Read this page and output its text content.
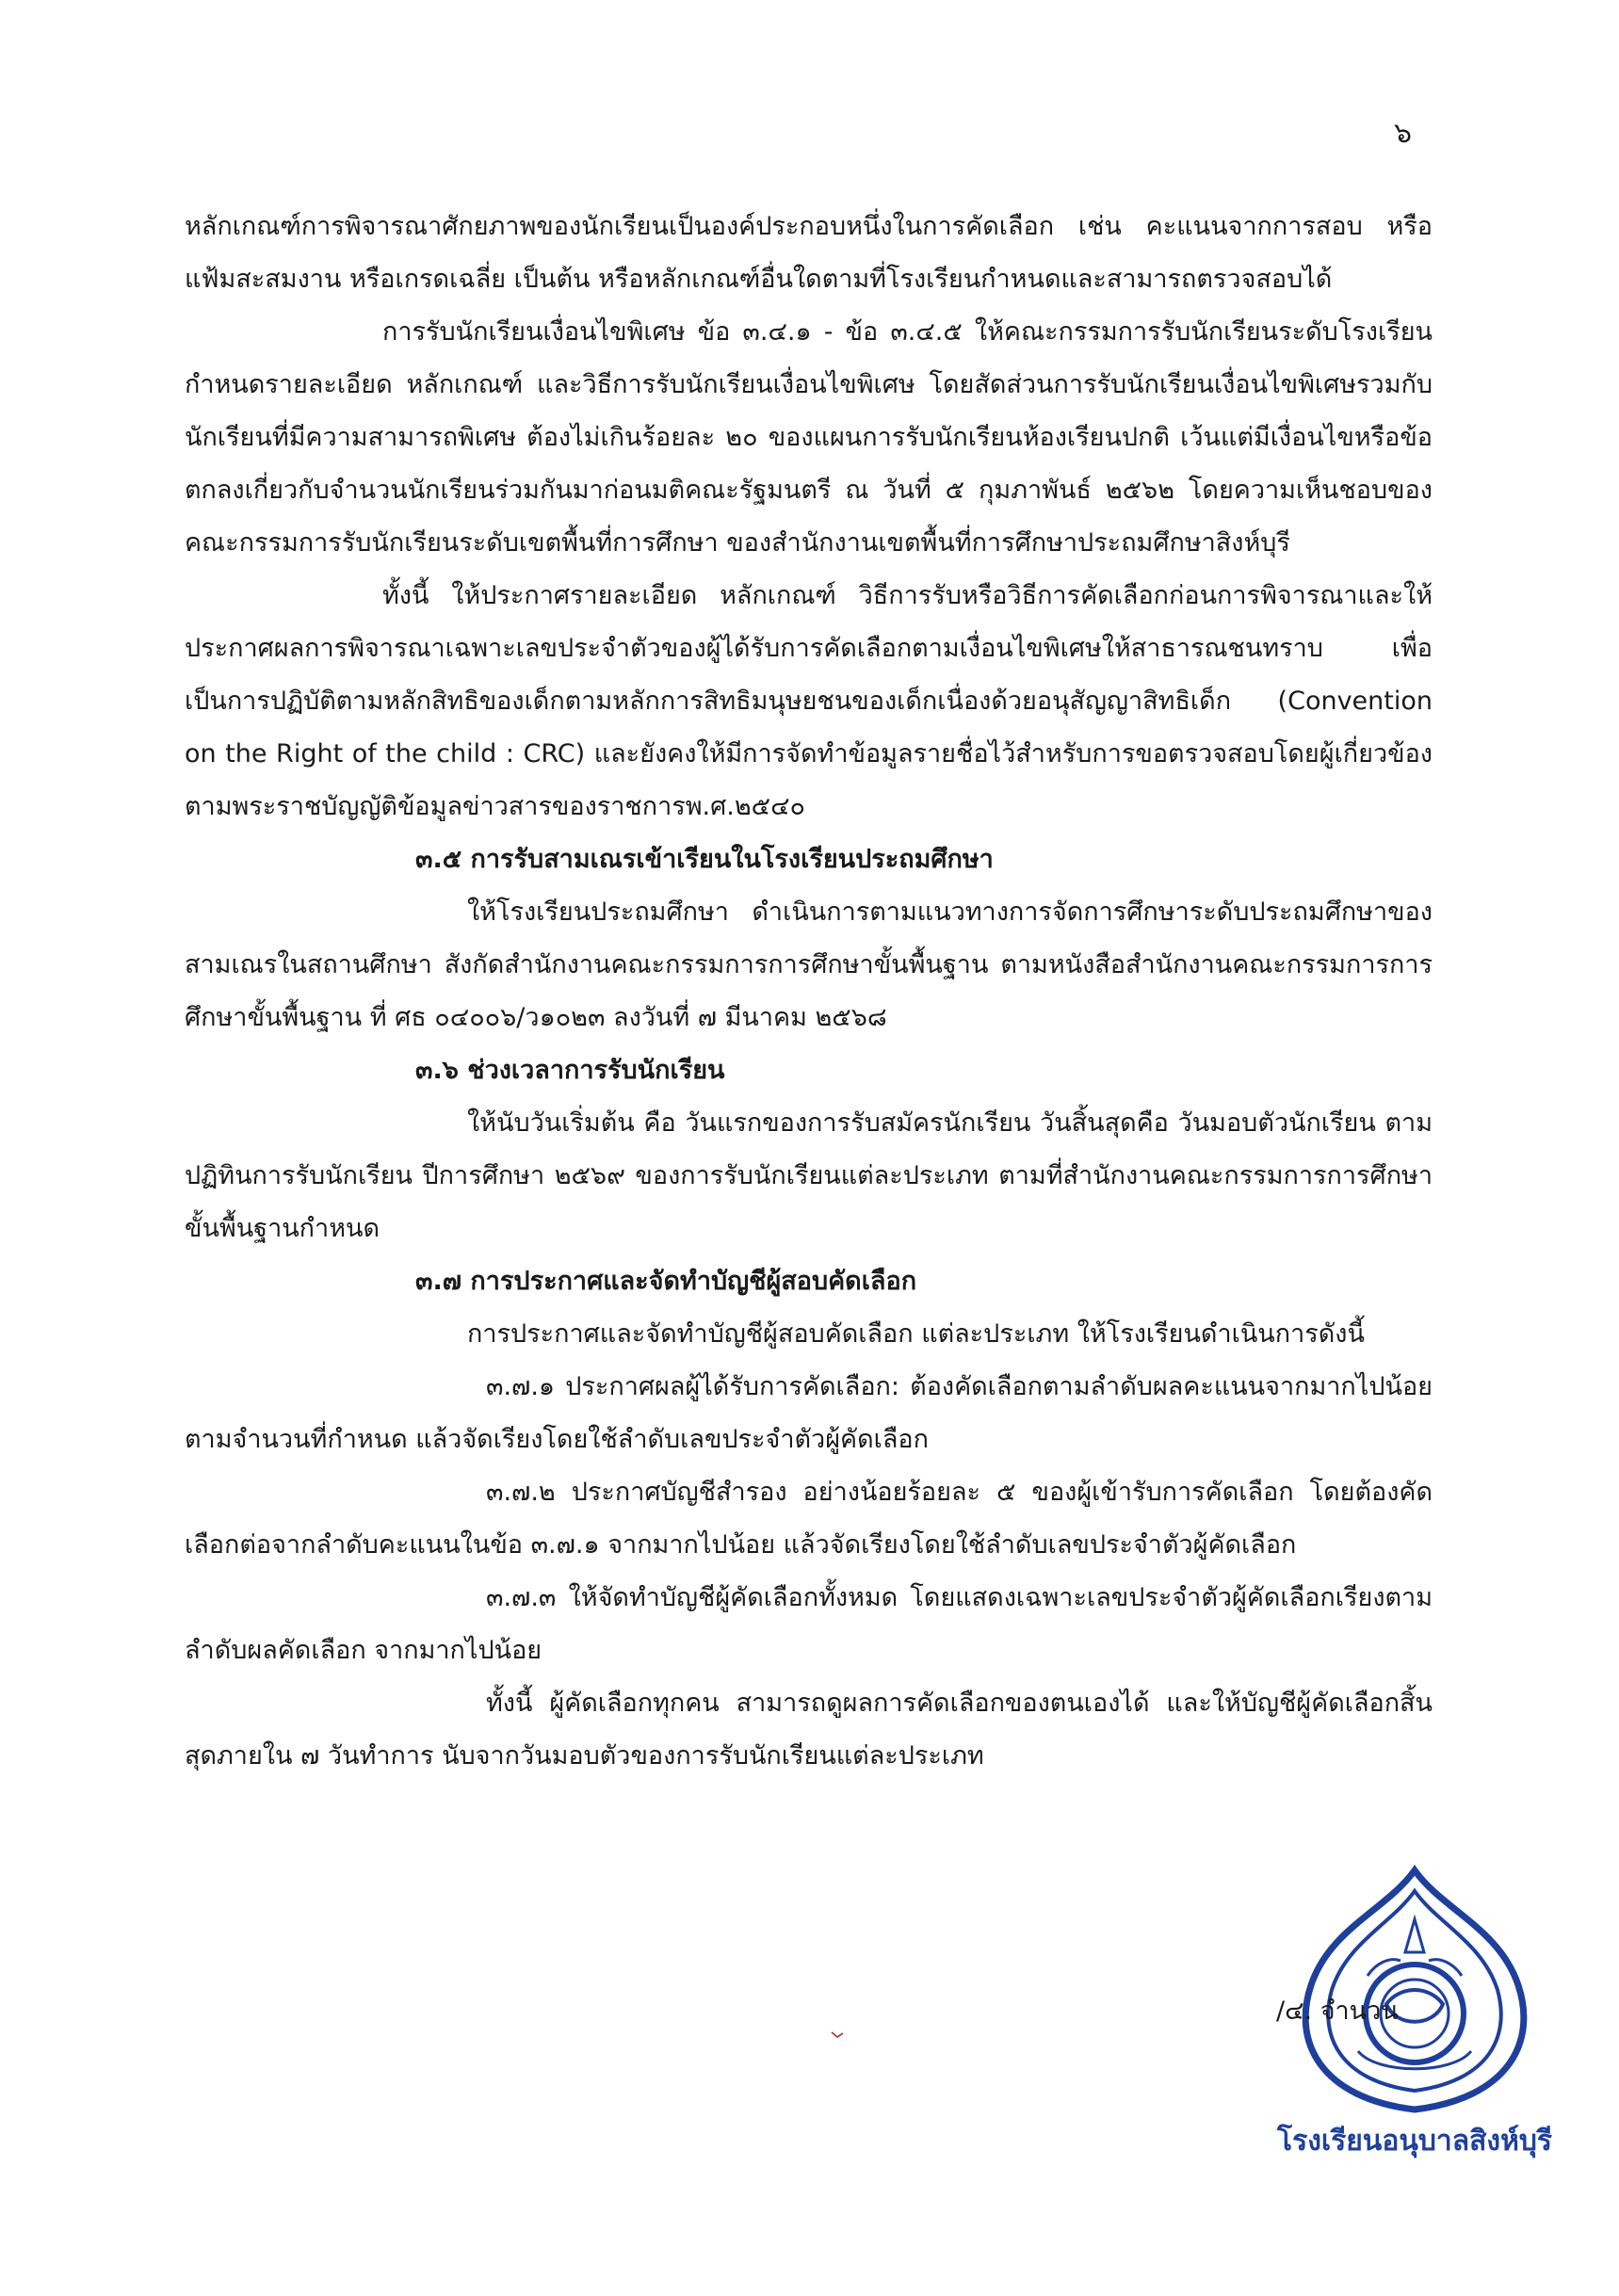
๖

หลักเกณฑ์การพิจารณาศักยภาพของนักเรียนเป็นองค์ประกอบหนึ่งในการคัดเลือก เช่น คะแนนจากการสอบ หรือแฟ้มสะสมงาน หรือเกรดเฉลี่ย เป็นต้น หรือหลักเกณฑ์อื่นใดตามที่โรงเรียนกำหนดและสามารถตรวจสอบได้

การรับนักเรียนเงื่อนไขพิเศษ ข้อ ๓.๔.๑ - ข้อ ๓.๔.๕ ให้คณะกรรมการรับนักเรียนระดับโรงเรียน กำหนดรายละเอียด หลักเกณฑ์ และวิธีการรับนักเรียนเงื่อนไขพิเศษ โดยสัดส่วนการรับนักเรียนเงื่อนไขพิเศษรวมกับนักเรียนที่มีความสามารถพิเศษ ต้องไม่เกินร้อยละ ๒๐ ของแผนการรับนักเรียนห้องเรียนปกติ เว้นแต่มีเงื่อนไขหรือข้อตกลงเกี่ยวกับจำนวนนักเรียนร่วมกันมาก่อนมติคณะรัฐมนตรี ณ วันที่ ๕ กุมภาพันธ์ ๒๕๖๒ โดยความเห็นชอบของคณะกรรมการรับนักเรียนระดับเขตพื้นที่การศึกษา ของสำนักงานเขตพื้นที่การศึกษาประถมศึกษาสิงห์บุรี

ทั้งนี้ ให้ประกาศรายละเอียด หลักเกณฑ์ วิธีการรับหรือวิธีการคัดเลือกก่อนการพิจารณาและให้ประกาศผลการพิจารณาเฉพาะเลขประจำตัวของผู้ได้รับการคัดเลือกตามเงื่อนไขพิเศษให้สาธารณชนทราบ เพื่อเป็นการปฏิบัติตามหลักสิทธิของเด็กตามหลักการสิทธิมนุษยชนของเด็กเนื่องด้วยอนุสัญญาสิทธิเด็ก (Convention on the Right of the child : CRC) และยังคงให้มีการจัดทำข้อมูลรายชื่อไว้สำหรับการขอตรวจสอบโดยผู้เกี่ยวข้อง ตามพระราชบัญญัติข้อมูลข่าวสารของราชการพ.ศ.๒๕๔๐

๓.๕ การรับสามเณรเข้าเรียนในโรงเรียนประถมศึกษา

ให้โรงเรียนประถมศึกษา ดำเนินการตามแนวทางการจัดการศึกษาระดับประถมศึกษาของสามเณรในสถานศึกษา สังกัดสำนักงานคณะกรรมการการศึกษาขั้นพื้นฐาน ตามหนังสือสำนักงานคณะกรรมการการศึกษาขั้นพื้นฐาน ที่ ศธ ๐๔๐๐๖/ว๑๐๒๓ ลงวันที่ ๗ มีนาคม ๒๕๖๘

๓.๖ ช่วงเวลาการรับนักเรียน

ให้นับวันเริ่มต้น คือ วันแรกของการรับสมัครนักเรียน วันสิ้นสุดคือ วันมอบตัวนักเรียน ตามปฏิทินการรับนักเรียน ปีการศึกษา ๒๕๖๙ ของการรับนักเรียนแต่ละประเภท ตามที่สำนักงานคณะกรรมการการศึกษาขั้นพื้นฐานกำหนด

๓.๗ การประกาศและจัดทำบัญชีผู้สอบคัดเลือก

การประกาศและจัดทำบัญชีผู้สอบคัดเลือก แต่ละประเภท ให้โรงเรียนดำเนินการดังนี้

๓.๗.๑ ประกาศผลผู้ได้รับการคัดเลือก: ต้องคัดเลือกตามลำดับผลคะแนนจากมากไปน้อยตามจำนวนที่กำหนด แล้วจัดเรียงโดยใช้ลำดับเลขประจำตัวผู้คัดเลือก

๓.๗.๒ ประกาศบัญชีสำรอง อย่างน้อยร้อยละ ๕ ของผู้เข้ารับการคัดเลือก โดยต้องคัดเลือกต่อจากลำดับคะแนนในข้อ ๓.๗.๑ จากมากไปน้อย แล้วจัดเรียงโดยใช้ลำดับเลขประจำตัวผู้คัดเลือก

๓.๗.๓ ให้จัดทำบัญชีผู้คัดเลือกทั้งหมด โดยแสดงเฉพาะเลขประจำตัวผู้คัดเลือกเรียงตามลำดับผลคัดเลือก จากมากไปน้อย

ทั้งนี้ ผู้คัดเลือกทุกคน สามารถดูผลการคัดเลือกของตนเองได้ และให้บัญชีผู้คัดเลือกสิ้นสุดภายใน ๗ วันทำการ นับจากวันมอบตัวของการรับนักเรียนแต่ละประเภท

/๔. จำนวน
โรงเรียนอนุบาลสิงห์บุรี
